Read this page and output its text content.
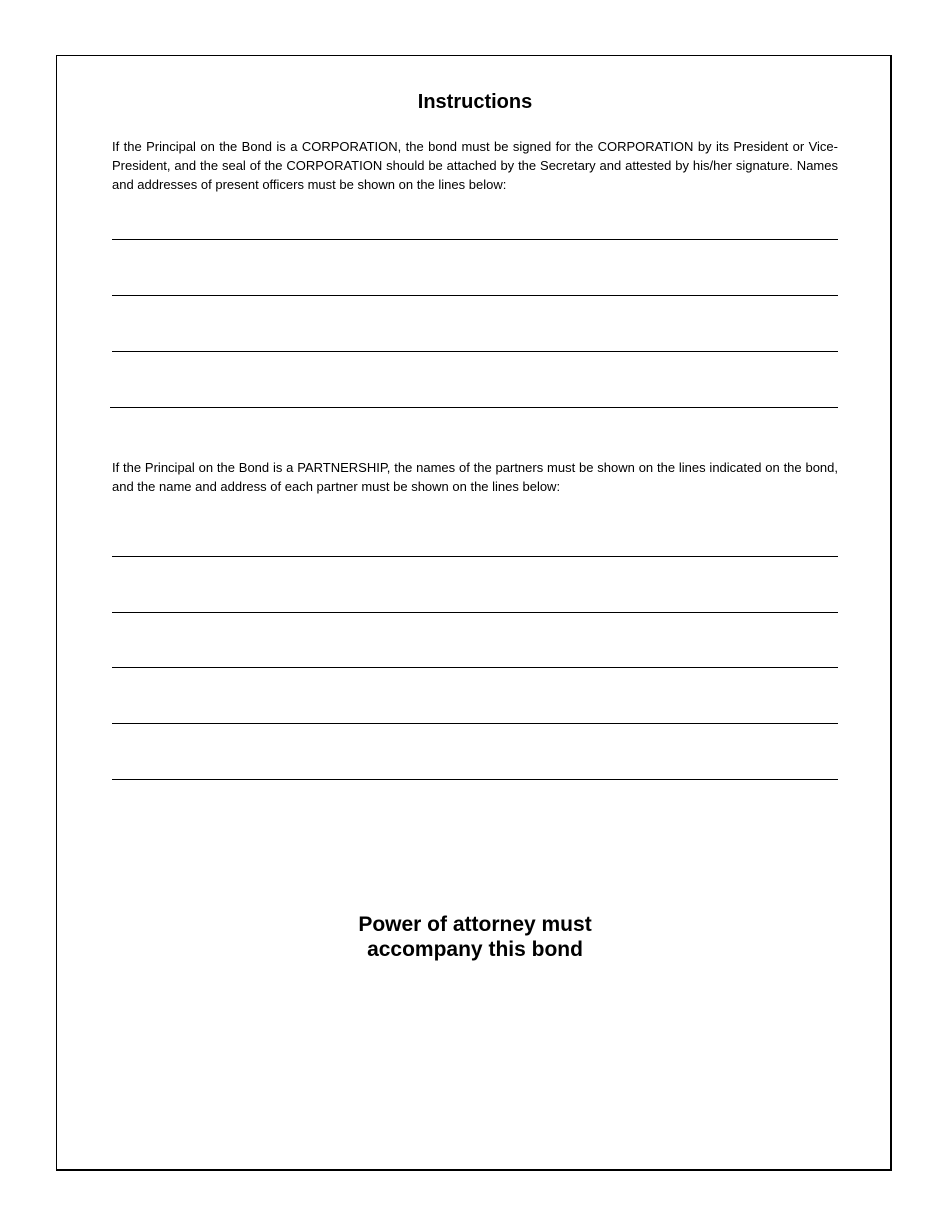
Instructions

If the Principal on the Bond is a CORPORATION, the bond must be signed for the CORPORATION by its President or Vice-President, and the seal of the CORPORATION should be attached by the Secretary and attested by his/her signature. Names and addresses of present officers must be shown on the lines below:

If the Principal on the Bond is a PARTNERSHIP, the names of the partners must be shown on the lines indicated on the bond, and the name and address of each partner must be shown on the lines below:

Power of attorney must
accompany this bond
